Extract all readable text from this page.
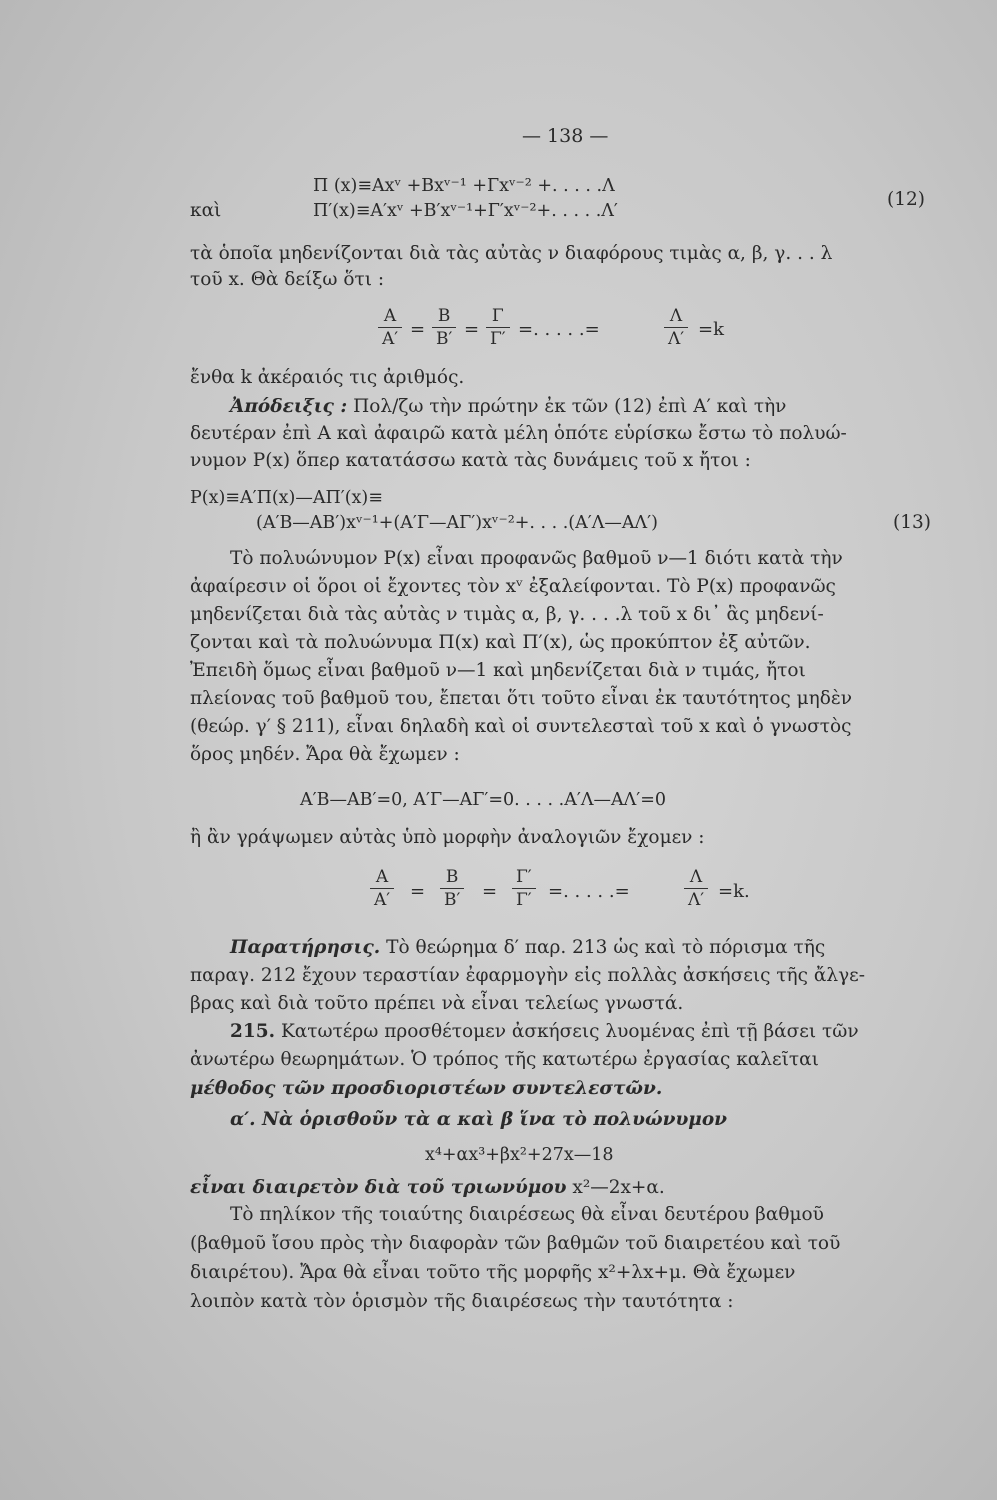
— 138 —
Π (x)≡Axᵛ +Bxᵛ⁻¹ +Γxᵛ⁻² +. . . . .Λ
καὶ	Π′(x)≡A′xᵛ +B′xᵛ⁻¹+Γ′xᵛ⁻²+. . . . .Λ′
(12)
τὰ ὁποῖα μηδενίζονται διὰ τὰς αὐτὰς ν διαφόρους τιμὰς α, β, γ. . . λ
τοῦ x. Θὰ δείξω ὅτι :
$\frac{A}{A'} = \frac{B}{B'} = \frac{\Gamma}{\Gamma'}$ =. . . . .=	$\frac{\Lambda}{\Lambda'} =k$
ἔνθα k ἀκέραιός τις ἀριθμός.
Ἀπόδειξις : Πολ/ζω τὴν πρώτην ἐκ τῶν (12) ἐπὶ A′ καὶ τὴν
δευτέραν ἐπὶ A καὶ ἀφαιρῶ κατὰ μέλη ὁπότε εὑρίσκω ἔστω τὸ πολυώ-
νυμον P(x) ὅπερ κατατάσσω κατὰ τὰς δυνάμεις τοῦ x ἤτοι :
P(x)≡A′Π(x)—AΠ′(x)≡
(A′B—AB′)xᵛ⁻¹+(A′Γ—AΓ′)xᵛ⁻²+. . . .(A′Λ—AΛ′)	(13)
Τὸ πολυώνυμον P(x) εἶναι προφανῶς βαθμοῦ ν—1 διότι κατὰ τὴν
ἀφαίρεσιν οἱ ὅροι οἱ ἔχοντες τὸν xᵛ ἐξαλείφονται. Τὸ P(x) προφανῶς
μηδενίζεται διὰ τὰς αὐτὰς ν τιμὰς α, β, γ. . . .λ τοῦ x δι᾽ ἃς μηδενί-
ζονται καὶ τὰ πολυώνυμα Π(x) καὶ Π′(x), ὡς προκύπτον ἐξ αὐτῶν.
Ἐπειδὴ ὅμως εἶναι βαθμοῦ ν—1 καὶ μηδενίζεται διὰ ν τιμάς, ἤτοι
πλείονας τοῦ βαθμοῦ του, ἔπεται ὅτι τοῦτο εἶναι ἐκ ταυτότητος μηδὲν
(θεώρ. γ′ § 211), εἶναι δηλαδὴ καὶ οἱ συντελεσταὶ τοῦ x καὶ ὁ γνωστὸς
ὅρος μηδέν. Ἄρα θὰ ἔχωμεν :
A′B—AB′=0, A′Γ—AΓ′=0. . . . .A′Λ—AΛ′=0
ἢ ἂν γράψωμεν αὐτὰς ὑπὸ μορφὴν ἀναλογιῶν ἔχομεν :
$\frac{A}{A'} = \frac{B}{B'} = \frac{\Gamma'}{\Gamma'}$ =. . . . .=	$\frac{\Lambda}{\Lambda'} =k$.
Παρατήρησις. Τὸ θεώρημα δ′ παρ. 213 ὡς καὶ τὸ πόρισμα τῆς
παραγ. 212 ἔχουν τεραστίαν ἐφαρμογὴν εἰς πολλὰς ἀσκήσεις τῆς ἄλγε-
βρας καὶ διὰ τοῦτο πρέπει νὰ εἶναι τελείως γνωστά.
215. Κατωτέρω προσθέτομεν ἀσκήσεις λυομένας ἐπὶ τῇ βάσει τῶν
ἀνωτέρω θεωρημάτων. Ὁ τρόπος τῆς κατωτέρω ἐργασίας καλεῖται
μέθοδος τῶν προσδιοριστέων συντελεστῶν.
α′. Νὰ ὁρισθοῦν τὰ α καὶ β ἵνα τὸ πολυώνυμον
x⁴+αx³+βx²+27x—18
εἶναι διαιρετὸν διὰ τοῦ τριωνύμου x²—2x+α.
Τὸ πηλίκον τῆς τοιαύτης διαιρέσεως θὰ εἶναι δευτέρου βαθμοῦ
(βαθμοῦ ἴσου πρὸς τὴν διαφορὰν τῶν βαθμῶν τοῦ διαιρετέου καὶ τοῦ
διαιρέτου). Ἄρα θὰ εἶναι τοῦτο τῆς μορφῆς x²+λx+μ. Θὰ ἔχωμεν
λοιπὸν κατὰ τὸν ὁρισμὸν τῆς διαιρέσεως τὴν ταυτότητα :
